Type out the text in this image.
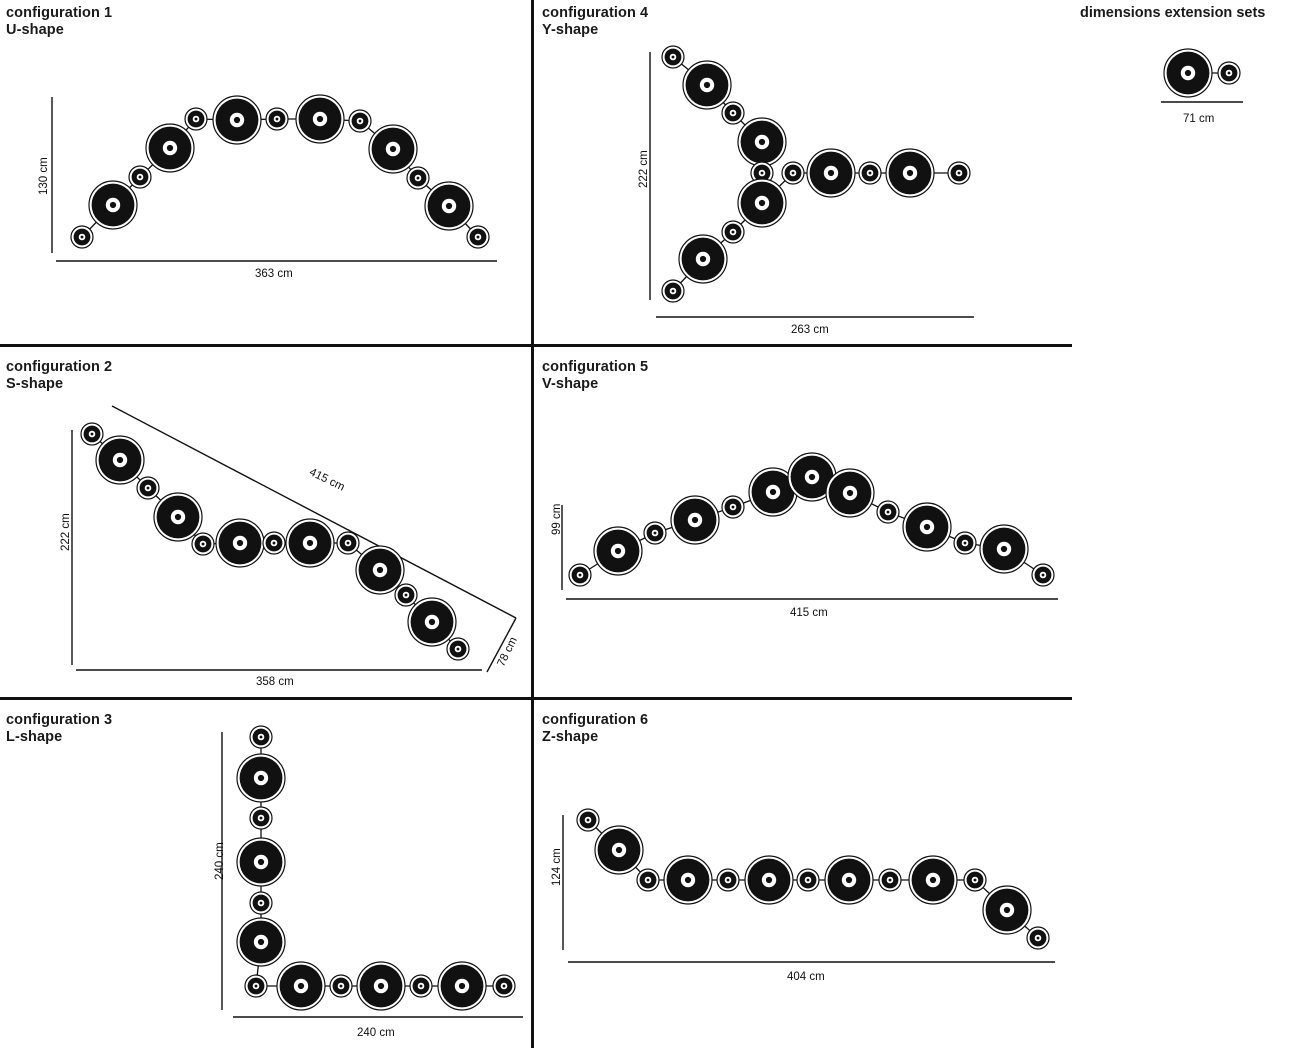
configuration 1
U-shape
configuration 2
S-shape
configuration 3
L-shape
configuration 4
Y-shape
configuration 5
V-shape
configuration 6
Z-shape
dimensions extension sets
130 cm
363 cm
222 cm
358 cm
415 cm
78 cm
240 cm
240 cm
222 cm
263 cm
99 cm
415 cm
124 cm
404 cm
71 cm
